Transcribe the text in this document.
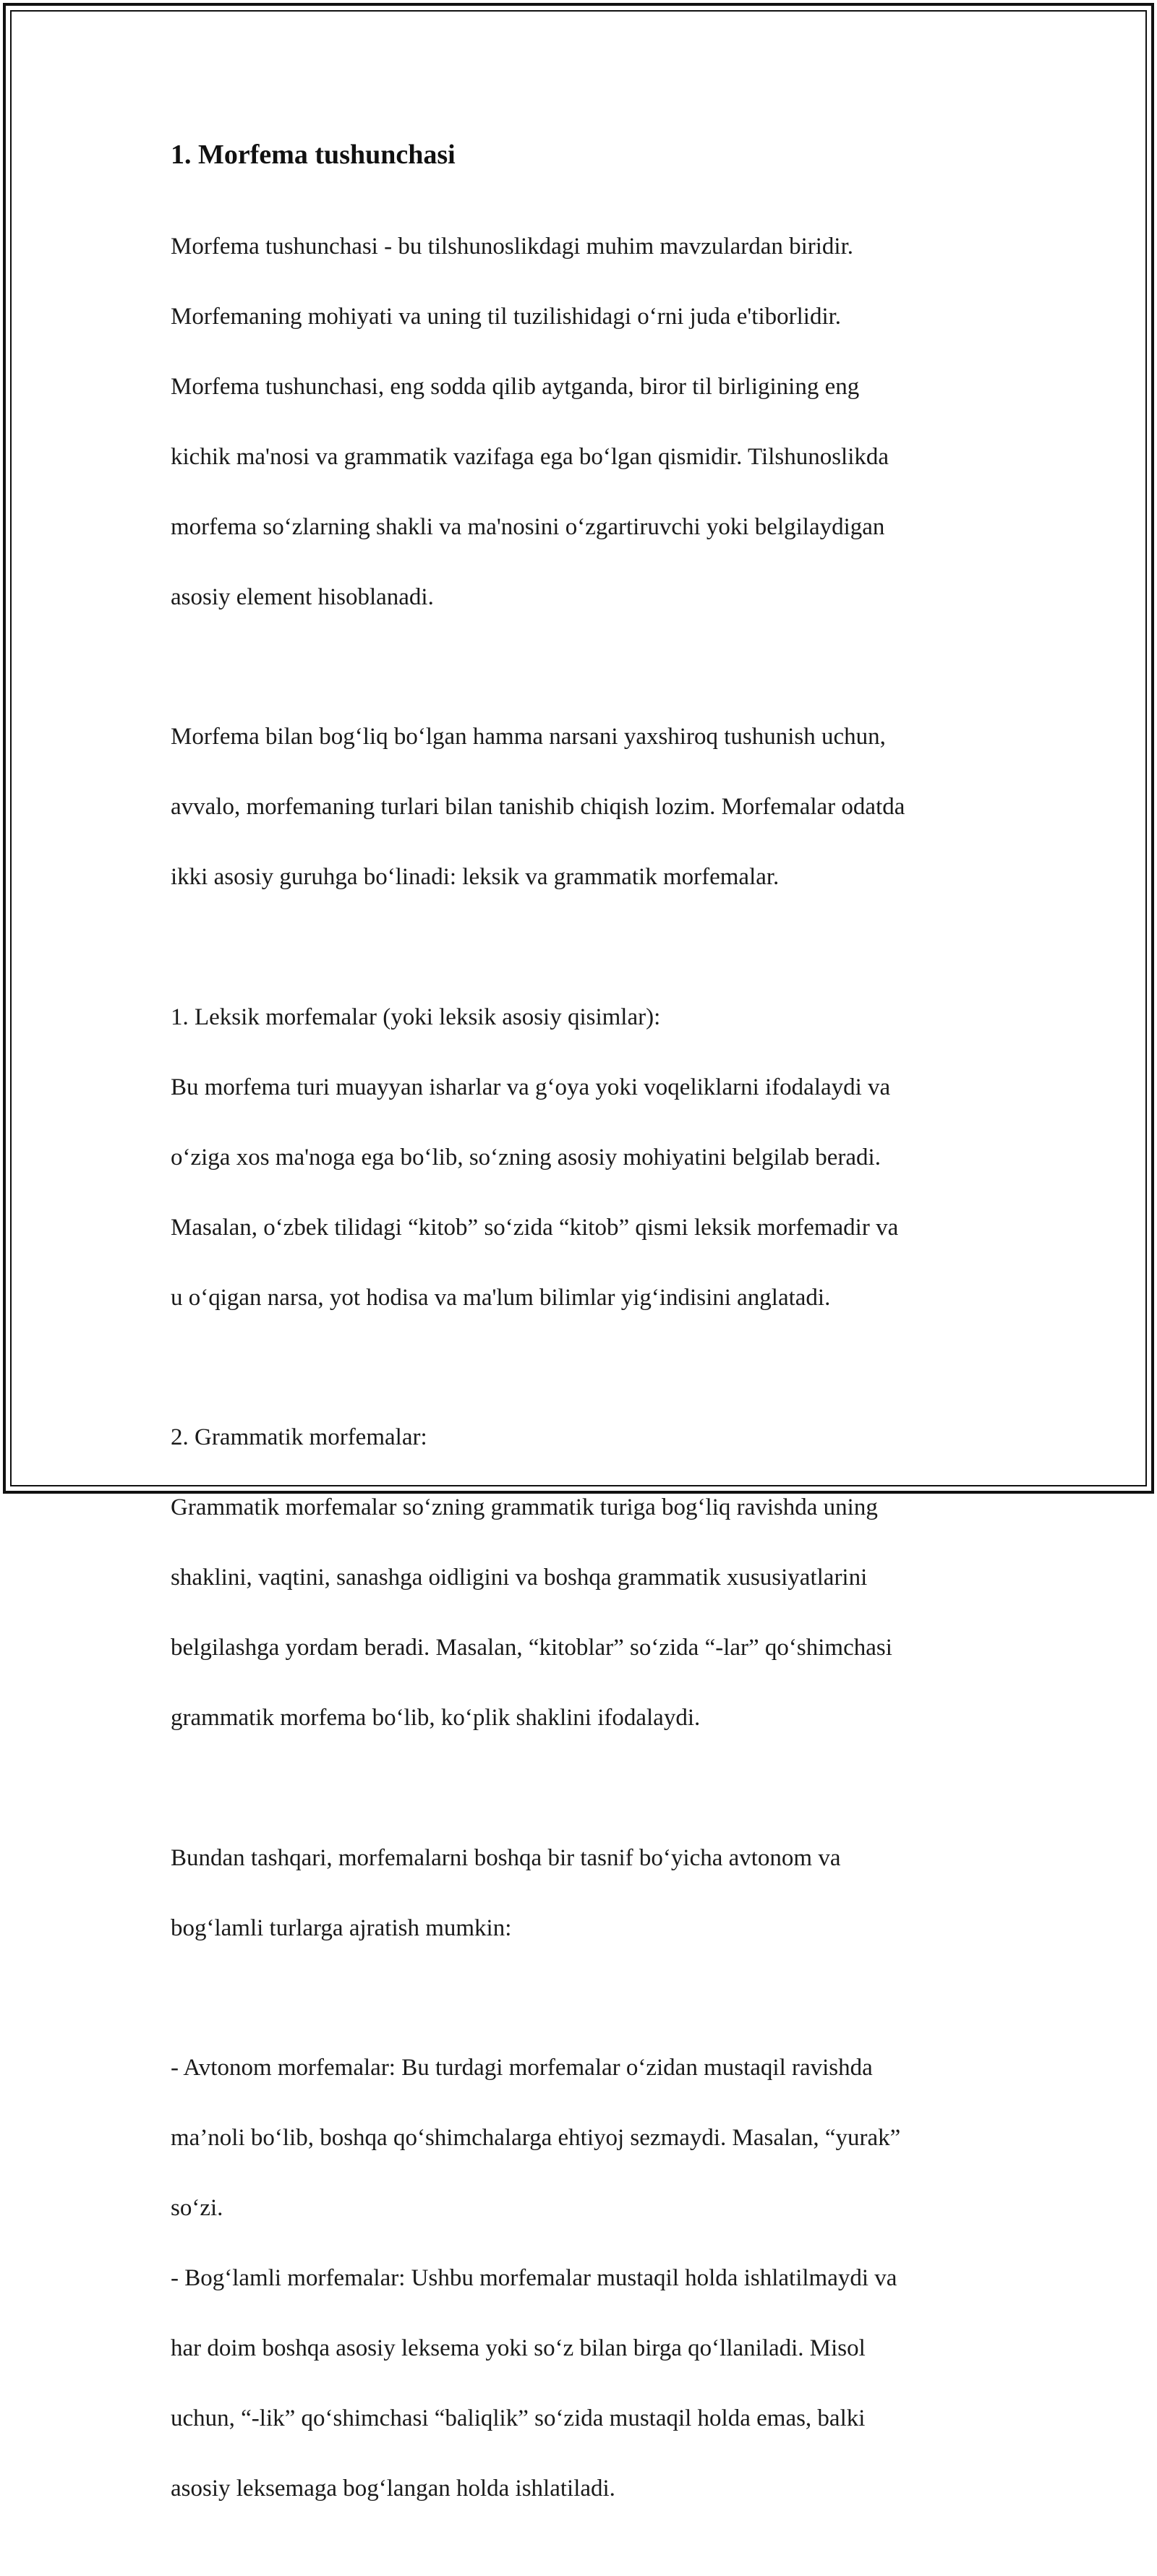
1. Morfema tushunchasi

Morfema tushunchasi - bu tilshunoslikdagi muhim mavzulardan biridir.

Morfemaning mohiyati va uning til tuzilishidagi o‘rni juda e'tiborlidir.

Morfema tushunchasi, eng sodda qilib aytganda, biror til birligining eng

kichik ma'nosi va grammatik vazifaga ega bo‘lgan qismidir. Tilshunoslikda

morfema so‘zlarning shakli va ma'nosini o‘zgartiruvchi yoki belgilaydigan

asosiy element hisoblanadi.

Morfema bilan bog‘liq bo‘lgan hamma narsani yaxshiroq tushunish uchun,

avvalo, morfemaning turlari bilan tanishib chiqish lozim. Morfemalar odatda

ikki asosiy guruhga bo‘linadi: leksik va grammatik morfemalar.

1. Leksik morfemalar (yoki leksik asosiy qisimlar):

Bu morfema turi muayyan isharlar va g‘oya yoki voqeliklarni ifodalaydi va

o‘ziga xos ma'noga ega bo‘lib, so‘zning asosiy mohiyatini belgilab beradi.

Masalan, o‘zbek tilidagi “kitob” so‘zida “kitob” qismi leksik morfemadir va

u o‘qigan narsa, yot hodisa va ma'lum bilimlar yig‘indisini anglatadi.

2. Grammatik morfemalar:

Grammatik morfemalar so‘zning grammatik turiga bog‘liq ravishda uning

shaklini, vaqtini, sanashga oidligini va boshqa grammatik xususiyatlarini

belgilashga yordam beradi. Masalan, “kitoblar” so‘zida “-lar” qo‘shimchasi

grammatik morfema bo‘lib, ko‘plik shaklini ifodalaydi.

Bundan tashqari, morfemalarni boshqa bir tasnif bo‘yicha avtonom va

bog‘lamli turlarga ajratish mumkin:

- Avtonom morfemalar: Bu turdagi morfemalar o‘zidan mustaqil ravishda

ma’noli bo‘lib, boshqa qo‘shimchalarga ehtiyoj sezmaydi. Masalan, “yurak”

so‘zi.

- Bog‘lamli morfemalar: Ushbu morfemalar mustaqil holda ishlatilmaydi va

har doim boshqa asosiy leksema yoki so‘z bilan birga qo‘llaniladi. Misol

uchun, “-lik” qo‘shimchasi “baliqlik” so‘zida mustaqil holda emas, balki

asosiy leksemaga bog‘langan holda ishlatiladi.
